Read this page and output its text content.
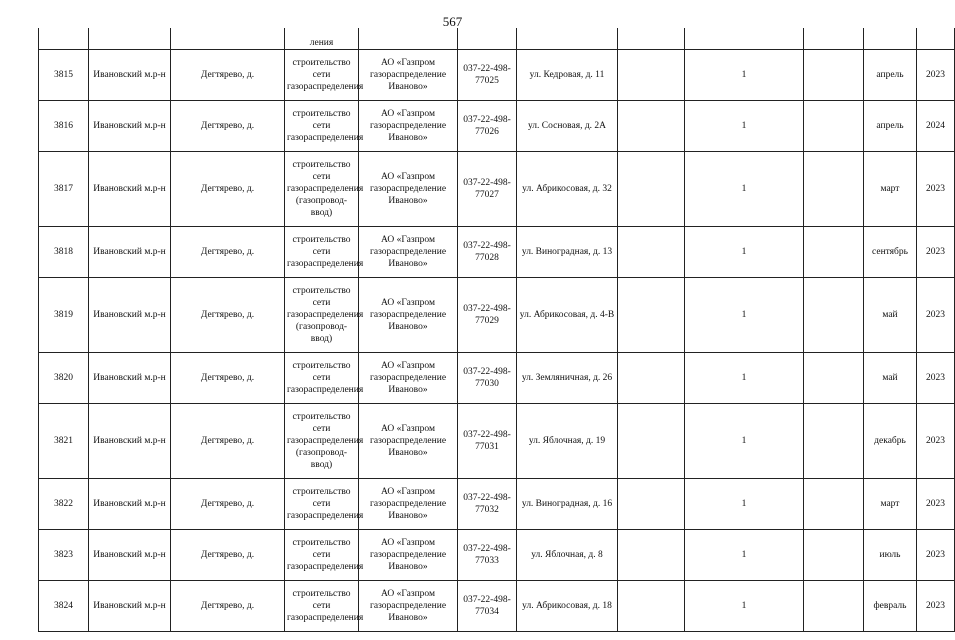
567
			ления								
3815	Ивановский м.р-н	Дегтярево, д.	строительство сети газораспределения	АО «Газпром газораспределение Иваново»	037-22-498-77025	ул. Кедровая, д. 11		1		апрель	2023
3816	Ивановский м.р-н	Дегтярево, д.	строительство сети газораспределения	АО «Газпром газораспределение Иваново»	037-22-498-77026	ул. Сосновая, д. 2А		1		апрель	2024
3817	Ивановский м.р-н	Дегтярево, д.	строительство сети газораспределения (газопровод-ввод)	АО «Газпром газораспределение Иваново»	037-22-498-77027	ул. Абрикосовая, д. 32		1		март	2023
3818	Ивановский м.р-н	Дегтярево, д.	строительство сети газораспределения	АО «Газпром газораспределение Иваново»	037-22-498-77028	ул. Виноградная, д. 13		1		сентябрь	2023
3819	Ивановский м.р-н	Дегтярево, д.	строительство сети газораспределения (газопровод-ввод)	АО «Газпром газораспределение Иваново»	037-22-498-77029	ул. Абрикосовая, д. 4-В		1		май	2023
3820	Ивановский м.р-н	Дегтярево, д.	строительство сети газораспределения	АО «Газпром газораспределение Иваново»	037-22-498-77030	ул. Земляничная, д. 26		1		май	2023
3821	Ивановский м.р-н	Дегтярево, д.	строительство сети газораспределения (газопровод-ввод)	АО «Газпром газораспределение Иваново»	037-22-498-77031	ул. Яблочная, д. 19		1		декабрь	2023
3822	Ивановский м.р-н	Дегтярево, д.	строительство сети газораспределения	АО «Газпром газораспределение Иваново»	037-22-498-77032	ул. Виноградная, д. 16		1		март	2023
3823	Ивановский м.р-н	Дегтярево, д.	строительство сети газораспределения	АО «Газпром газораспределение Иваново»	037-22-498-77033	ул. Яблочная, д. 8		1		июль	2023
3824	Ивановский м.р-н	Дегтярево, д.	строительство сети газораспределения	АО «Газпром газораспределение Иваново»	037-22-498-77034	ул. Абрикосовая, д. 18		1		февраль	2023
